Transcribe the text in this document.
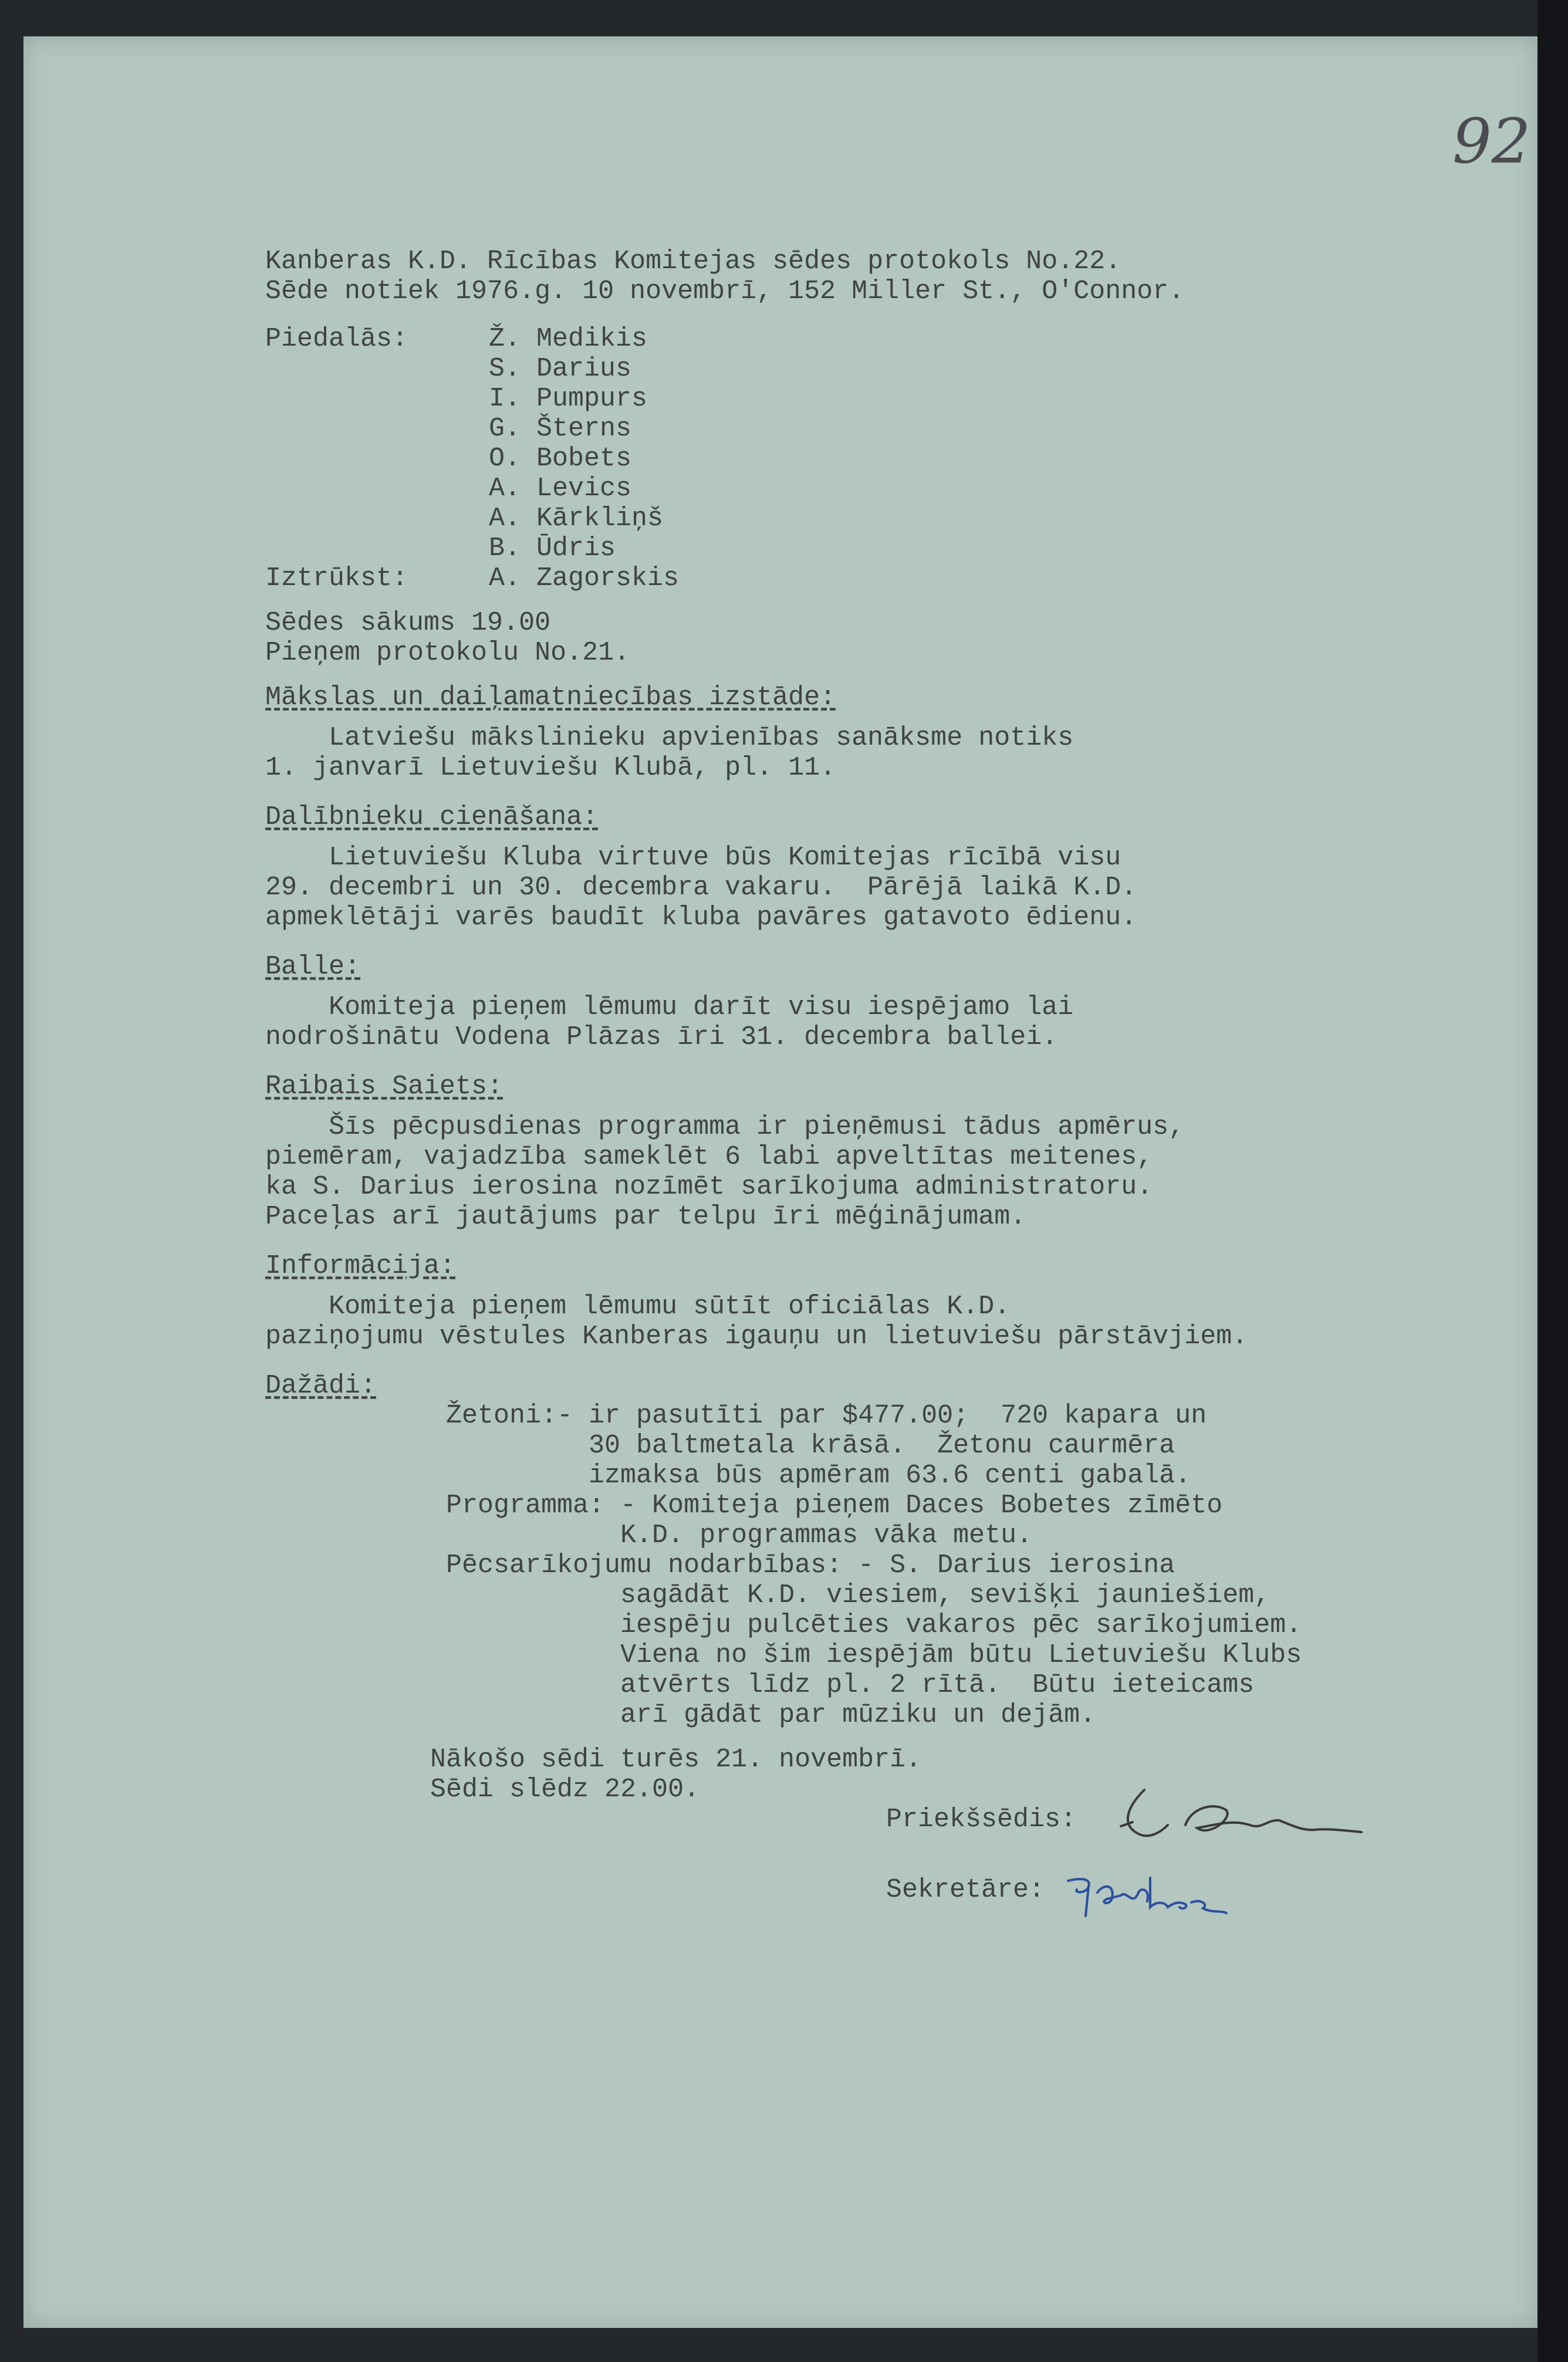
92

Kanberas K.D. Rīcības Komitejas sēdes protokols No.22.

Sēde notiek 1976.g. 10 novembrī, 152 Miller St., O'Connor.

Piedalās:	Ž. Medikis

S. Darius

I. Pumpurs

G. Šterns

O. Bobets

A. Levics

A. Kārkliņš

B. Ūdris

Iztrūkst:	A. Zagorskis

Sēdes sākums 19.00

Pieņem protokolu No.21.

Mākslas un daiļamatniecības izstāde:

Latviešu mākslinieku apvienības sanāksme notiks

1. janvarī Lietuviešu Klubā, pl. 11.

Dalībnieku cienāšana:

Lietuviešu Kluba virtuve būs Komitejas rīcībā visu

29. decembri un 30. decembra vakaru.  Pārējā laikā K.D.

apmeklētāji varēs baudīt kluba pavāres gatavoto ēdienu.

Balle:

Komiteja pieņem lēmumu darīt visu iespējamo lai

nodrošinātu Vodena Plāzas īri 31. decembra ballei.

Raibais Saiets:

Šīs pēcpusdienas programma ir pieņēmusi tādus apmērus,

piemēram, vajadzība sameklēt 6 labi apveltītas meitenes,

ka S. Darius ierosina nozīmēt sarīkojuma administratoru.

Paceļas arī jautājums par telpu īri mēģinājumam.

Informācija:

Komiteja pieņem lēmumu sūtīt oficiālas K.D.

paziņojumu vēstules Kanberas igauņu un lietuviešu pārstāvjiem.

Dažādi:

Žetoni:- ir pasutīti par $477.00;  720 kapara un

30 baltmetala krāsā.  Žetonu caurmēra

izmaksa būs apmēram 63.6 centi gabalā.

Programma: - Komiteja pieņem Daces Bobetes zīmēto

K.D. programmas vāka metu.

Pēcsarīkojumu nodarbības: - S. Darius ierosina

sagādāt K.D. viesiem, sevišķi jauniešiem,

iespēju pulcēties vakaros pēc sarīkojumiem.

Viena no šim iespējām būtu Lietuviešu Klubs

atvērts līdz pl. 2 rītā.  Būtu ieteicams

arī gādāt par mūziku un dejām.

Nākošo sēdi turēs 21. novembrī.

Sēdi slēdz 22.00.

Priekšsēdis:

Sekretāre:
